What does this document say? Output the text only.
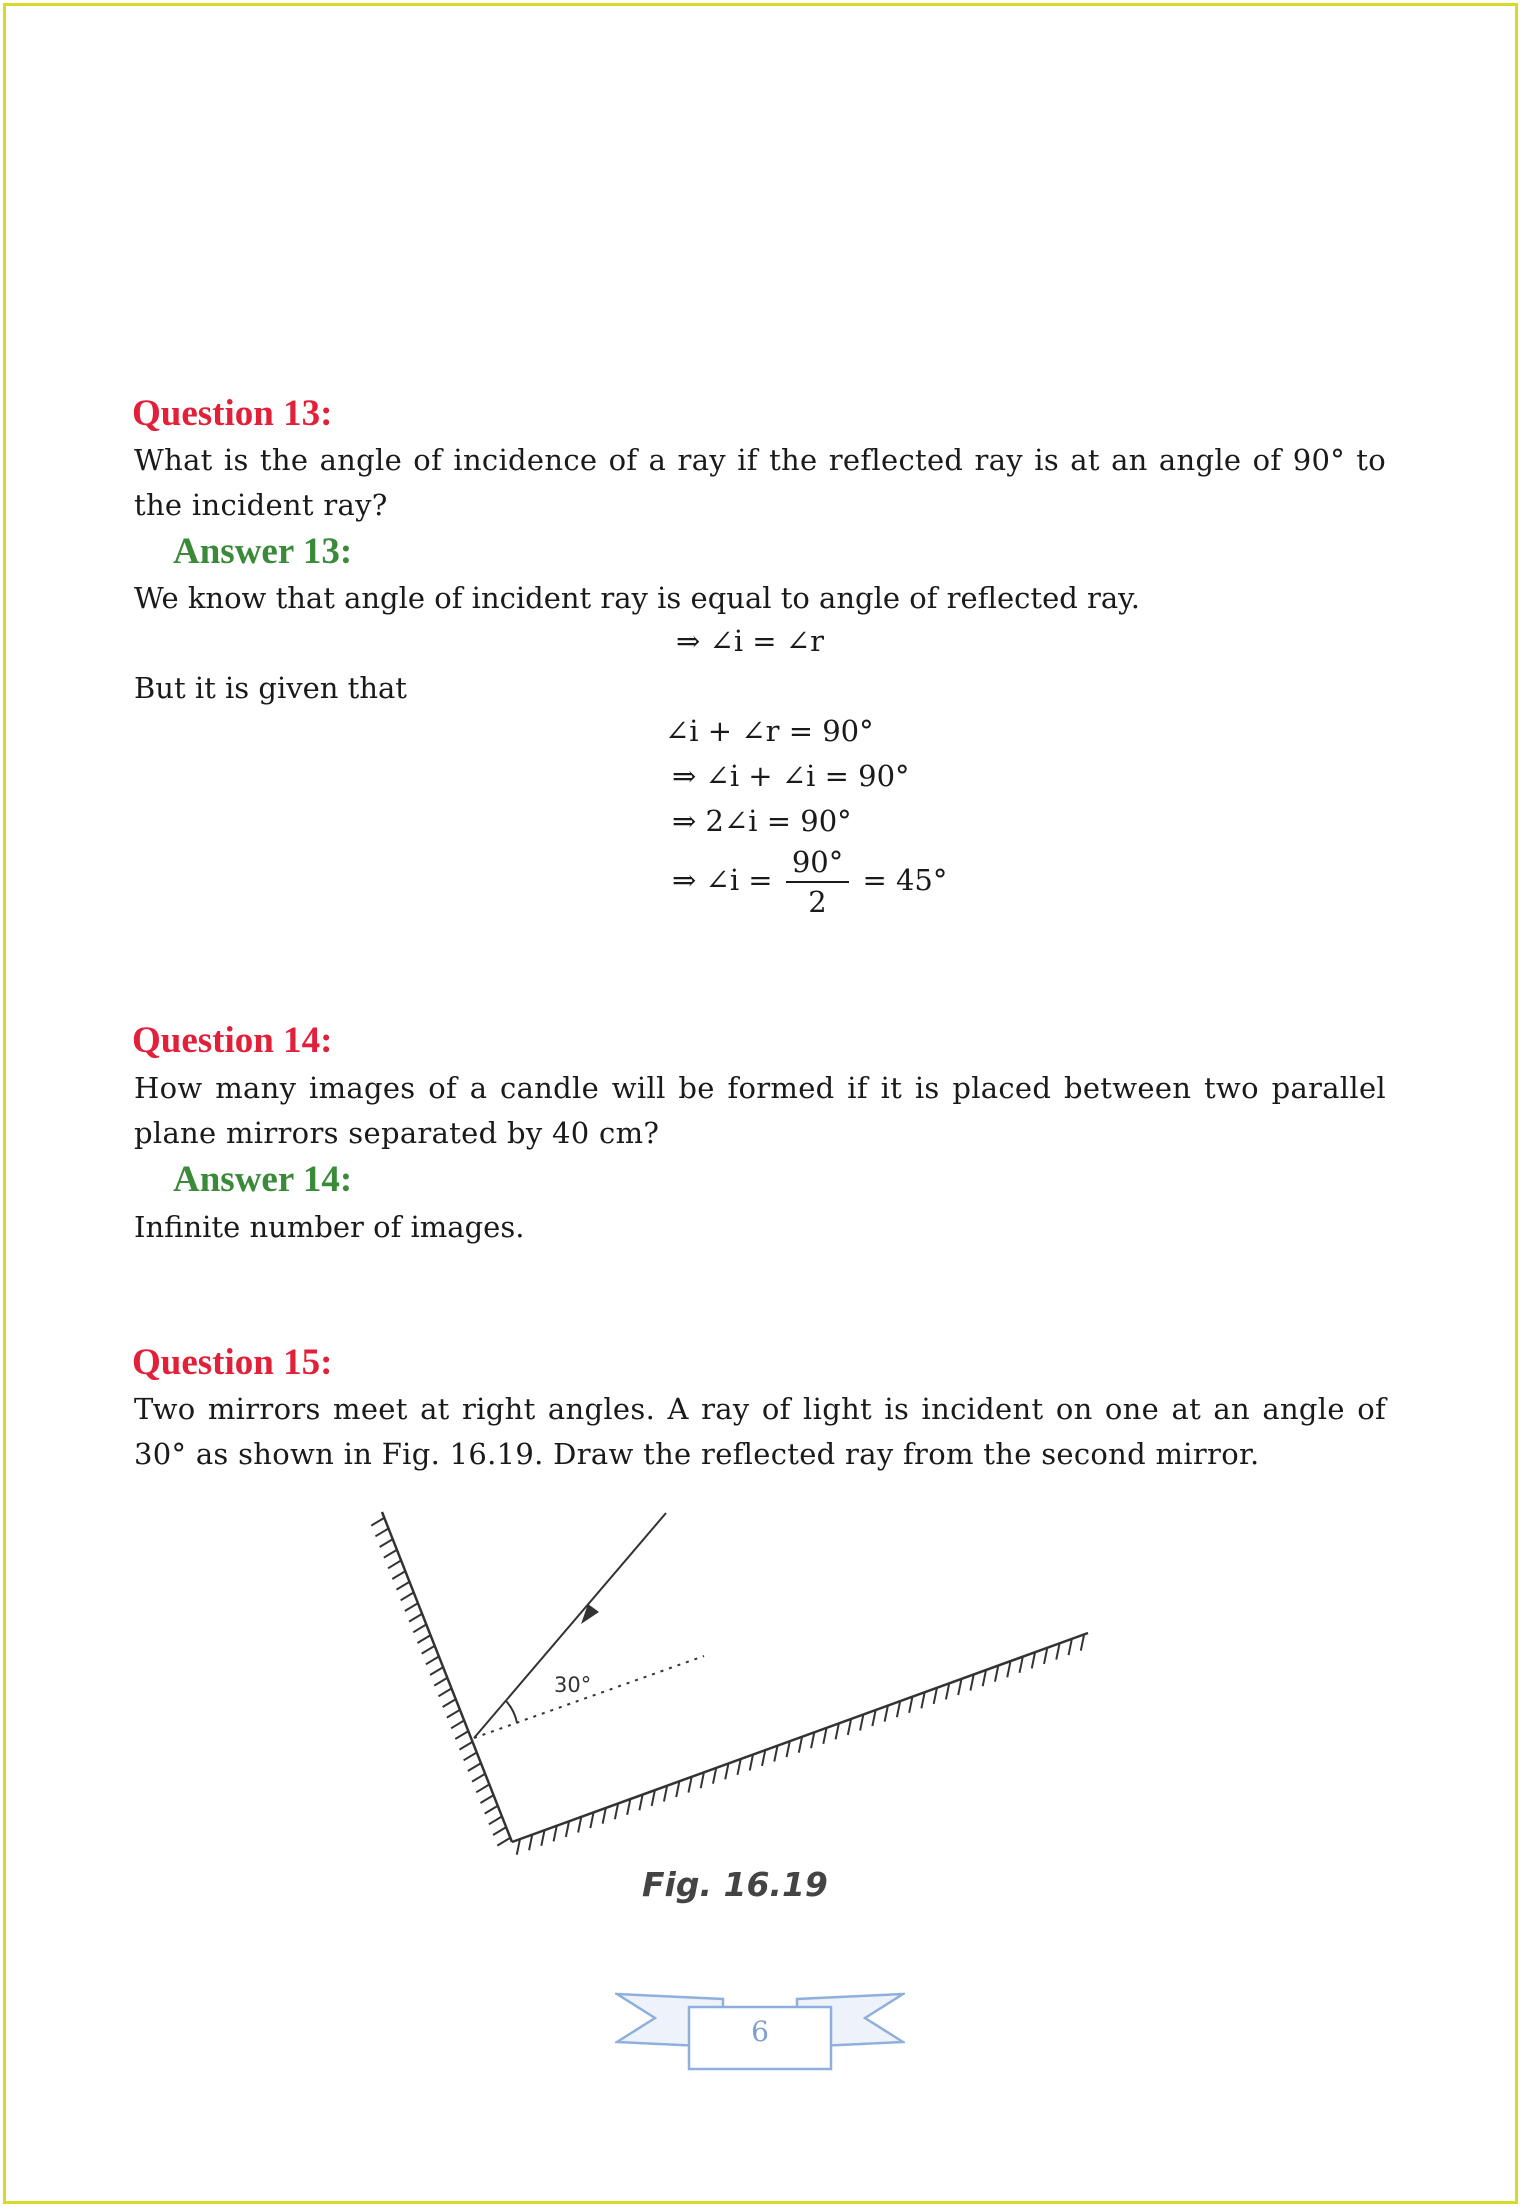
Question 13:
What is the angle of incidence of a ray if the reflected ray is at an angle of 90° to the incident ray?
Answer 13:
We know that angle of incident ray is equal to angle of reflected ray.
⇒ ∠i = ∠r
But it is given that
∠i + ∠r = 90°
⇒ ∠i + ∠i = 90°
⇒ 2∠i = 90°
⇒ ∠i = $\frac{90^\circ}{2} = 45^\circ$
Question 14:
How many images of a candle will be formed if it is placed between two parallel plane mirrors separated by 40 cm?
Answer 14:
Infinite number of images.
Question 15:
Two mirrors meet at right angles. A ray of light is incident on one at an angle of 30° as shown in Fig. 16.19. Draw the reflected ray from the second mirror.
30°
Fig. 16.19
6
